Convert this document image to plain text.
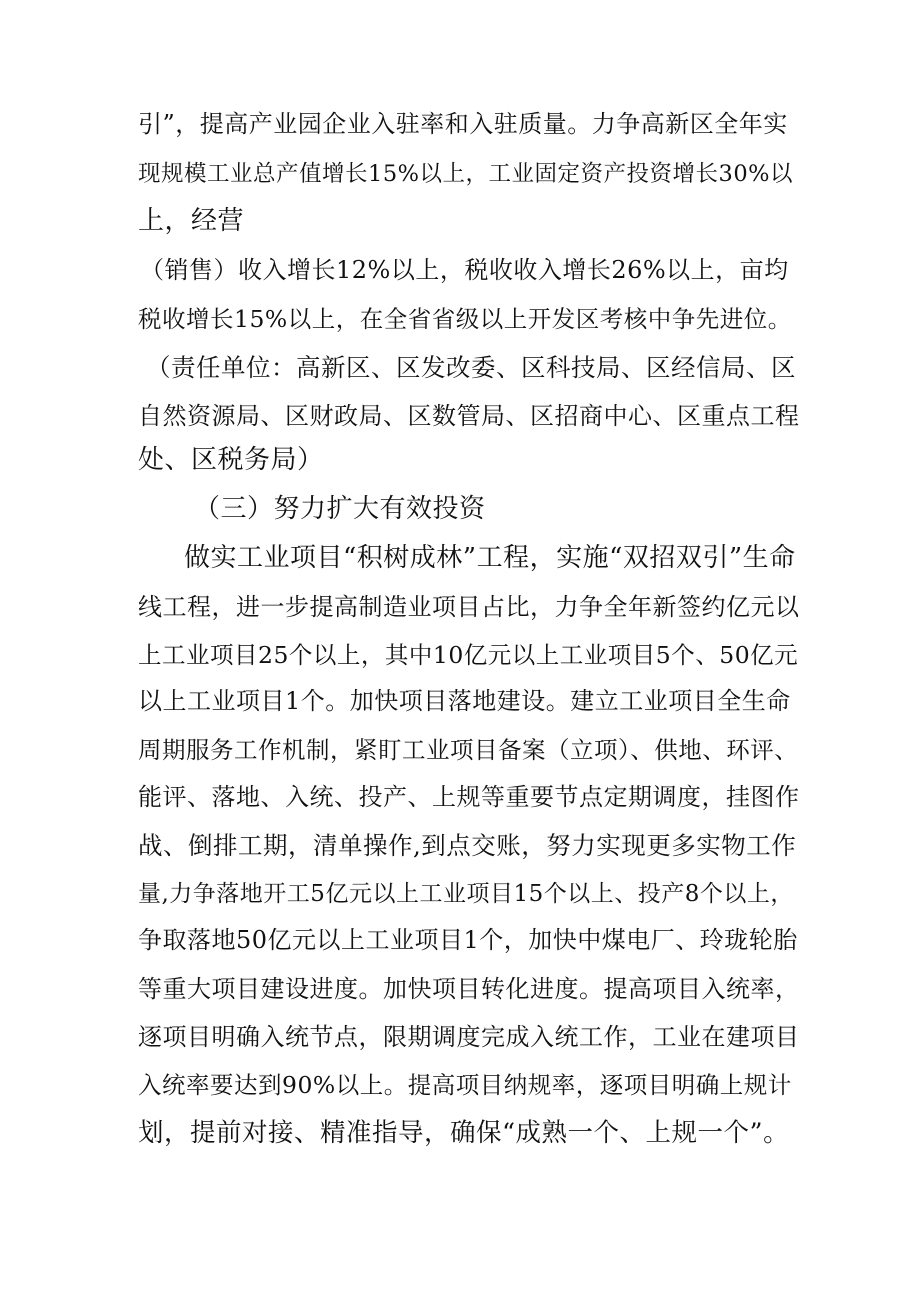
引”，提高产业园企业入驻率和入驻质量。力争高新区全年实
现规模工业总产值增长15%以上，工业固定资产投资增长30%以
上，经营
（销售）收入增长12%以上，税收收入增长26%以上，亩均
税收增长15%以上，在全省省级以上开发区考核中争先进位。
（责任单位：高新区、区发改委、区科技局、区经信局、区
自然资源局、区财政局、区数管局、区招商中心、区重点工程
处、区税务局）
（三）努力扩大有效投资
做实工业项目“积树成林”工程，实施“双招双引”生命
线工程，进一步提高制造业项目占比，力争全年新签约亿元以
上工业项目25个以上，其中10亿元以上工业项目5个、50亿元
以上工业项目1个。加快项目落地建设。建立工业项目全生命
周期服务工作机制，紧盯工业项目备案（立项）、供地、环评、
能评、落地、入统、投产、上规等重要节点定期调度，挂图作
战、倒排工期，清单操作,到点交账，努力实现更多实物工作
量,力争落地开工5亿元以上工业项目15个以上、投产8个以上，
争取落地50亿元以上工业项目1个，加快中煤电厂、玲珑轮胎
等重大项目建设进度。加快项目转化进度。提高项目入统率，
逐项目明确入统节点，限期调度完成入统工作，工业在建项目
入统率要达到90%以上。提高项目纳规率，逐项目明确上规计
划，提前对接、精准指导，确保“成熟一个、上规一个”。
